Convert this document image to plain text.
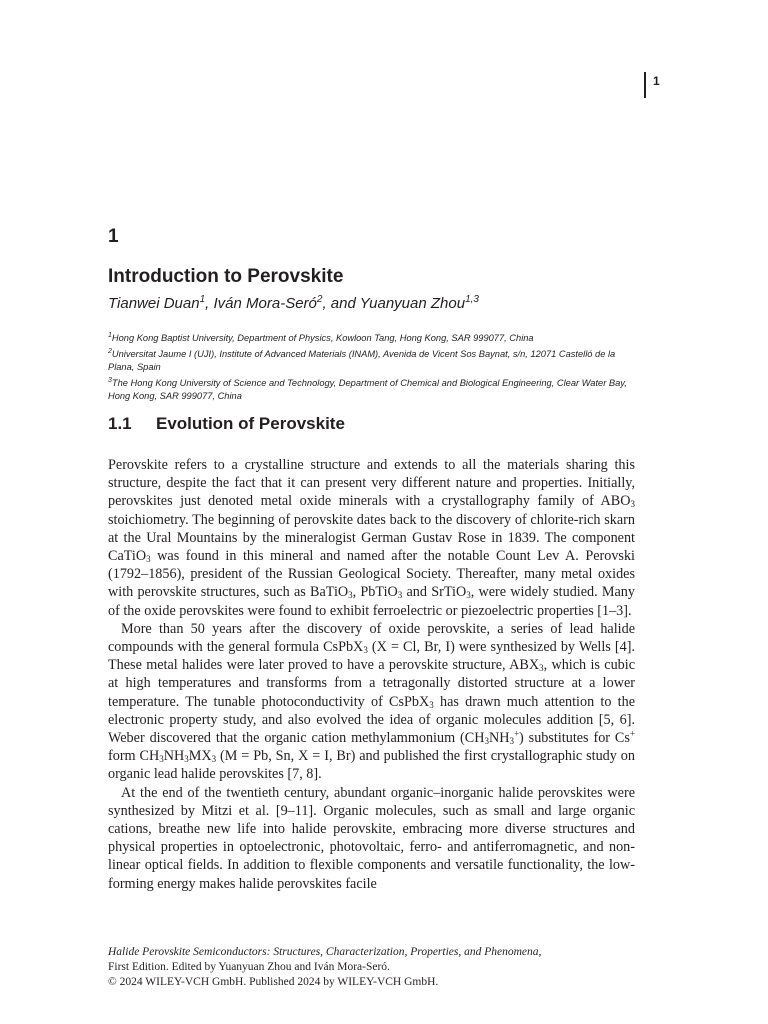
1
1
Introduction to Perovskite

Tianwei Duan$^1$, Iván Mora-Seró$^2$, and Yuanyuan Zhou$^{1,3}$

$^1$Hong Kong Baptist University, Department of Physics, Kowloon Tang, Hong Kong, SAR 999077, China

$^2$Universitat Jaume I (UJI), Institute of Advanced Materials (INAM), Avenida de Vicent Sos Baynat, s/n, 12071 Castelló de la Plana, Spain

$^3$The Hong Kong University of Science and Technology, Department of Chemical and Biological Engineering, Clear Water Bay, Hong Kong, SAR 999077, China

1.1 Evolution of Perovskite

Perovskite refers to a crystalline structure and extends to all the materials sharing this structure, despite the fact that it can present very different nature and properties. Initially, perovskites just denoted metal oxide minerals with a crystallography family of $ABO_3$ stoichiometry. The beginning of perovskite dates back to the discovery of chlorite-rich skarn at the Ural Mountains by the mineralogist German Gustav Rose in 1839. The component CaTiO$_3$ was found in this mineral and named after the notable Count Lev A. Perovski (1792–1856), president of the Russian Geological Society. Thereafter, many metal oxides with perovskite structures, such as BaTiO$_3$, PbTiO$_3$ and SrTiO$_3$, were widely studied. Many of the oxide perovskites were found to exhibit ferroelectric or piezoelectric properties [1–3].

More than 50 years after the discovery of oxide perovskite, a series of lead halide compounds with the general formula CsPbX$_3$ (X = Cl, Br, I) were synthesized by Wells [4]. These metal halides were later proved to have a perovskite structure, $ABX_3$, which is cubic at high temperatures and transforms from a tetragonally distorted structure at a lower temperature. The tunable photoconductivity of CsPbX$_3$ has drawn much attention to the electronic property study, and also evolved the idea of organic molecules addition [5, 6]. Weber discovered that the organic cation methylammonium $(CH_3NH_3^+)$ substitutes for Cs+ form $CH_3NH_3MX_3$ (M = Pb, Sn, X = I, Br) and published the first crystallographic study on organic lead halide perovskites [7, 8].

At the end of the twentieth century, abundant organic–inorganic halide perovskites were synthesized by Mitzi et al. [9–11]. Organic molecules, such as small and large organic cations, breathe new life into halide perovskite, embracing more diverse structures and physical properties in optoelectronic, photovoltaic, ferro- and antiferromagnetic, and non-linear optical fields. In addition to flexible components and versatile functionality, the low-forming energy makes halide perovskites facile

Halide Perovskite Semiconductors: Structures, Characterization, Properties, and Phenomena,

First Edition. Edited by Yuanyuan Zhou and Iván Mora-Seró.

© 2024 WILEY-VCH GmbH. Published 2024 by WILEY-VCH GmbH.
